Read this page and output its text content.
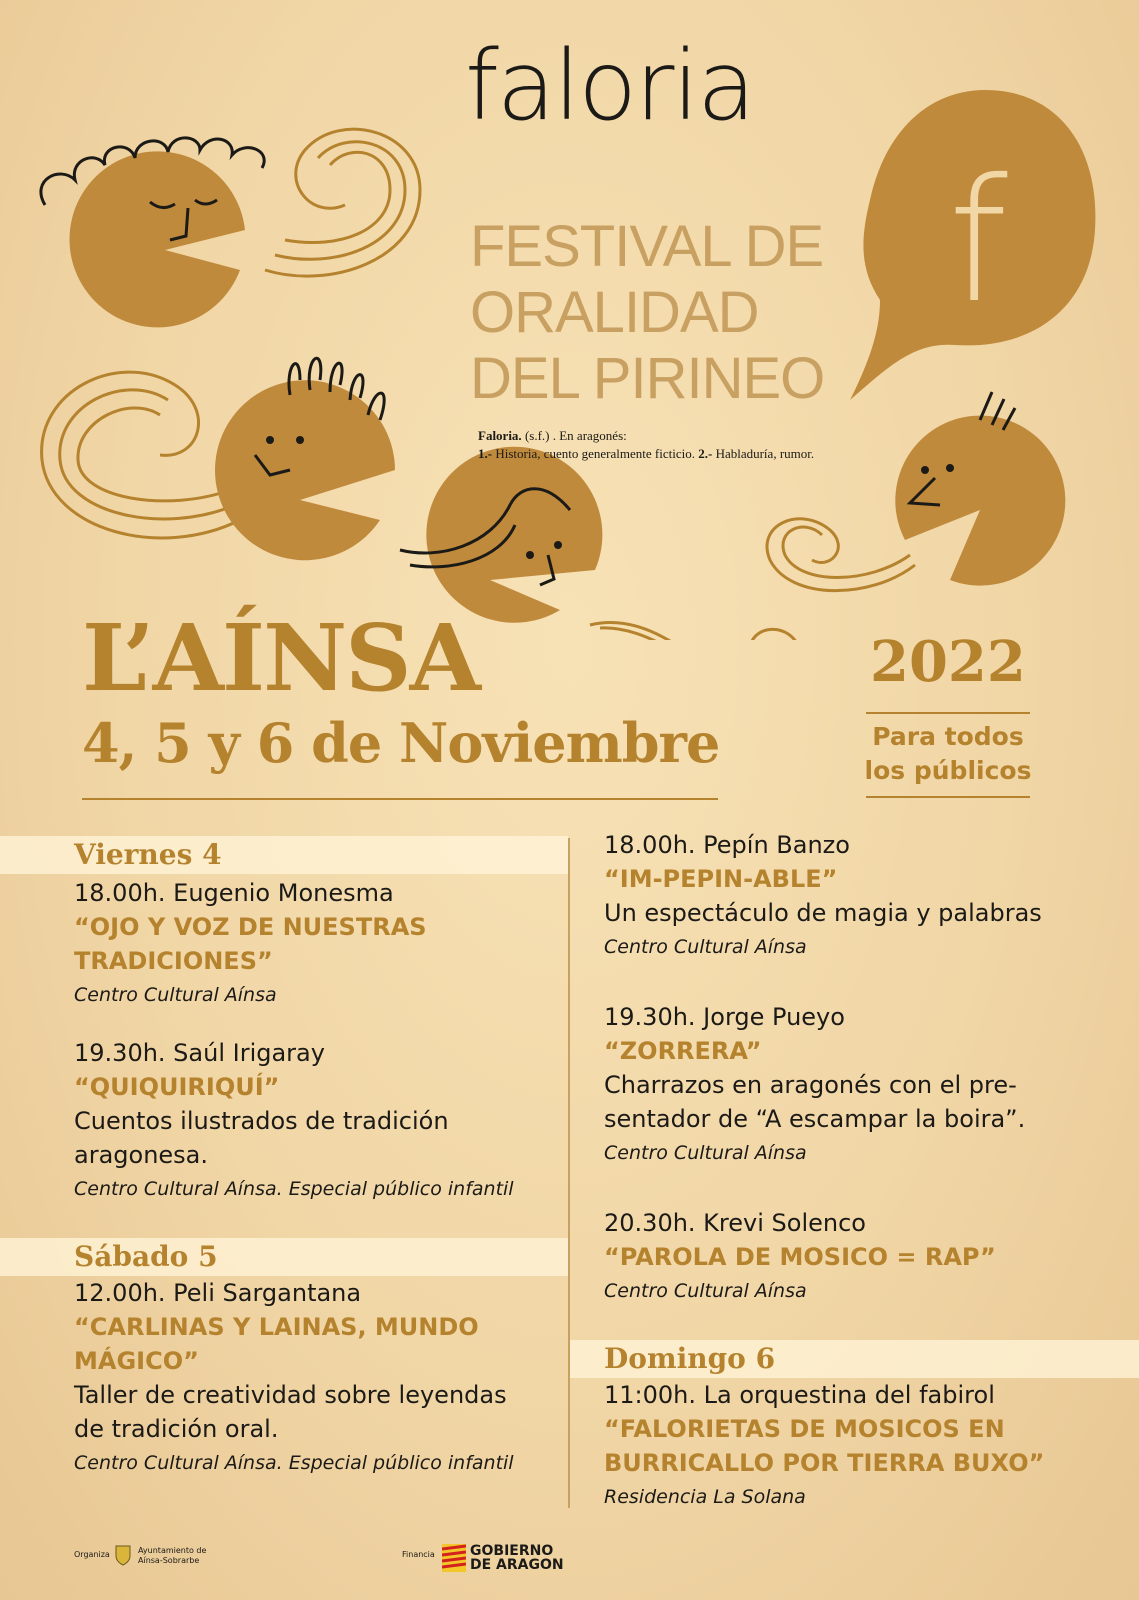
f
faloria
FESTIVAL DE
ORALIDAD
DEL PIRINEO
Faloria. (s.f.) . En aragonés:
1.- Historia, cuento generalmente ficticio. 2.- Habladuría, rumor.
L’AÍNSA
4, 5 y 6 de Noviembre
2022
Para todos
los públicos
Viernes 4
18.00h. Eugenio Monesma
“OJO Y VOZ DE NUESTRAS
TRADICIONES”
Centro Cultural Aínsa
19.30h. Saúl Irigaray
“QUIQUIRIQUÍ”
Cuentos ilustrados de tradición
aragonesa.
Centro Cultural Aínsa. Especial público infantil
Sábado 5
12.00h. Peli Sargantana
“CARLINAS Y LAINAS, MUNDO
MÁGICO”
Taller de creatividad sobre leyendas
de tradición oral.
Centro Cultural Aínsa. Especial público infantil
18.00h. Pepín Banzo
“IM-PEPIN-ABLE”
Un espectáculo de magia y palabras
Centro Cultural Aínsa
19.30h. Jorge Pueyo
“ZORRERA”
Charrazos en aragonés con el pre-
sentador de “A escampar la boira”.
Centro Cultural Aínsa
20.30h. Krevi Solenco
“PAROLA DE MOSICO = RAP”
Centro Cultural Aínsa
Domingo 6
11:00h. La orquestina del fabirol
“FALORIETAS DE MOSICOS EN
BURRICALLO POR TIERRA BUXO”
Residencia La Solana
Organiza	Ayuntamiento de
Aínsa-Sobrarbe
Financia	GOBIERNO
DE ARAGON
